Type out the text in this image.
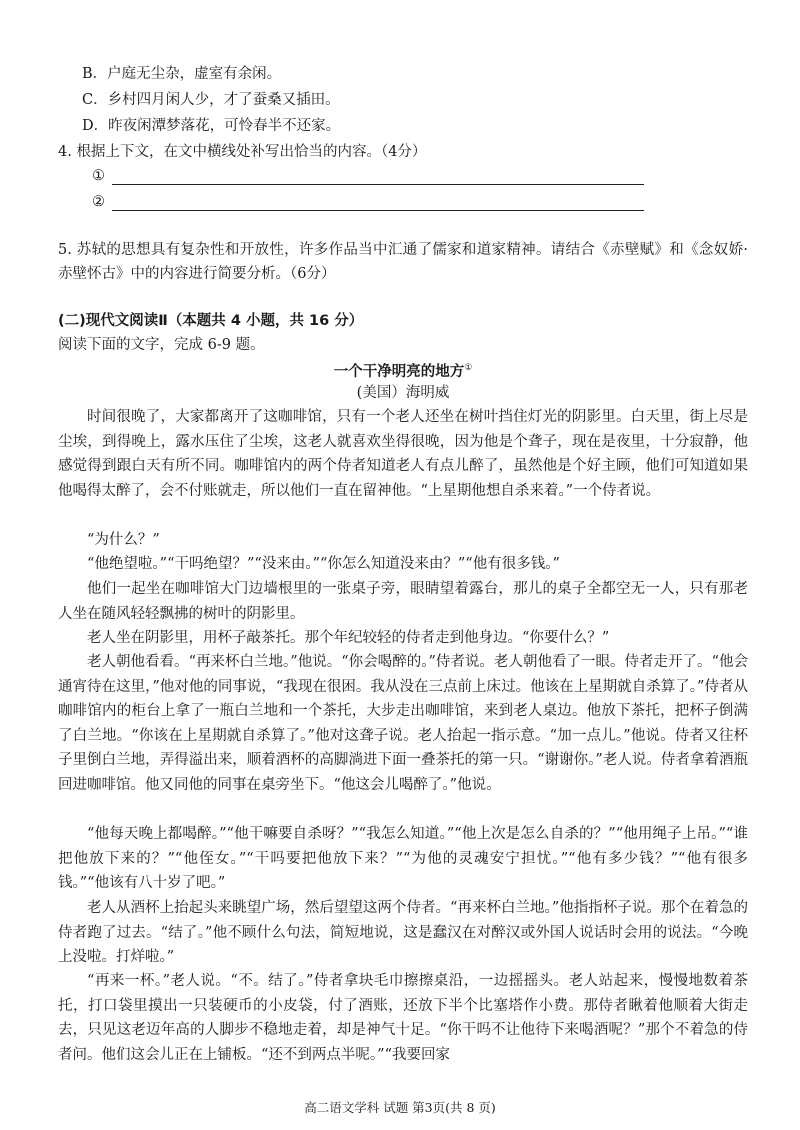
B．户庭无尘杂，虚室有余闲。
C．乡村四月闲人少，才了蚕桑又插田。
D．昨夜闲潭梦落花，可怜春半不还家。
4. 根据上下文，在文中横线处补写出恰当的内容。（4分）
①
②
5. 苏轼的思想具有复杂性和开放性，许多作品当中汇通了儒家和道家精神。请结合《赤壁赋》和《念奴娇·赤壁怀古》中的内容进行简要分析。（6分）
(二)现代文阅读Ⅱ（本题共 4 小题，共 16 分）
阅读下面的文字，完成 6-9 题。
一个干净明亮的地方①
(美国）海明威
时间很晚了，大家都离开了这咖啡馆，只有一个老人还坐在树叶挡住灯光的阴影里。白天里，街上尽是尘埃，到得晚上，露水压住了尘埃，这老人就喜欢坐得很晚，因为他是个聋子，现在是夜里，十分寂静，他感觉得到跟白天有所不同。咖啡馆内的两个侍者知道老人有点儿醉了，虽然他是个好主顾，他们可知道如果他喝得太醉了，会不付账就走，所以他们一直在留神他。“上星期他想自杀来着。”一个侍者说。
“为什么？”
“他绝望啦。”“干吗绝望？”“没来由。”“你怎么知道没来由？”“他有很多钱。”
他们一起坐在咖啡馆大门边墙根里的一张桌子旁，眼睛望着露台，那儿的桌子全都空无一人，只有那老人坐在随风轻轻飘拂的树叶的阴影里。
老人坐在阴影里，用杯子敲茶托。那个年纪较轻的侍者走到他身边。“你要什么？”
老人朝他看看。“再来杯白兰地。”他说。“你会喝醉的。”侍者说。老人朝他看了一眼。侍者走开了。“他会通宵待在这里，”他对他的同事说，“我现在很困。我从没在三点前上床过。他该在上星期就自杀算了。”侍者从咖啡馆内的柜台上拿了一瓶白兰地和一个茶托，大步走出咖啡馆，来到老人桌边。他放下茶托，把杯子倒满了白兰地。“你该在上星期就自杀算了。”他对这聋子说。老人抬起一指示意。“加一点儿。”他说。侍者又往杯子里倒白兰地，弄得溢出来，顺着酒杯的高脚淌进下面一叠茶托的第一只。“谢谢你。”老人说。侍者拿着酒瓶回进咖啡馆。他又同他的同事在桌旁坐下。“他这会儿喝醉了。”他说。
“他每天晚上都喝醉。”“他干嘛要自杀呀？”“我怎么知道。”“他上次是怎么自杀的？”“他用绳子上吊。”“谁把他放下来的？”“他侄女。”“干吗要把他放下来？”“为他的灵魂安宁担忧。”“他有多少钱？”“他有很多钱。”“他该有八十岁了吧。”
老人从酒杯上抬起头来眺望广场，然后望望这两个侍者。“再来杯白兰地。”他指指杯子说。那个在着急的侍者跑了过去。“结了。”他不顾什么句法，简短地说，这是蠢汉在对醉汉或外国人说话时会用的说法。“今晚上没啦。打烊啦。”
“再来一杯。”老人说。“不。结了。”侍者拿块毛巾擦擦桌沿，一边摇摇头。老人站起来，慢慢地数着茶托，打口袋里摸出一只装硬币的小皮袋，付了酒账，还放下半个比塞塔作小费。那侍者瞅着他顺着大街走去，只见这老迈年高的人脚步不稳地走着，却是神气十足。“你干吗不让他待下来喝酒呢？”那个不着急的侍者问。他们这会儿正在上铺板。“还不到两点半呢。”“我要回家
高二语文学科 试题 第3页(共 8 页)
